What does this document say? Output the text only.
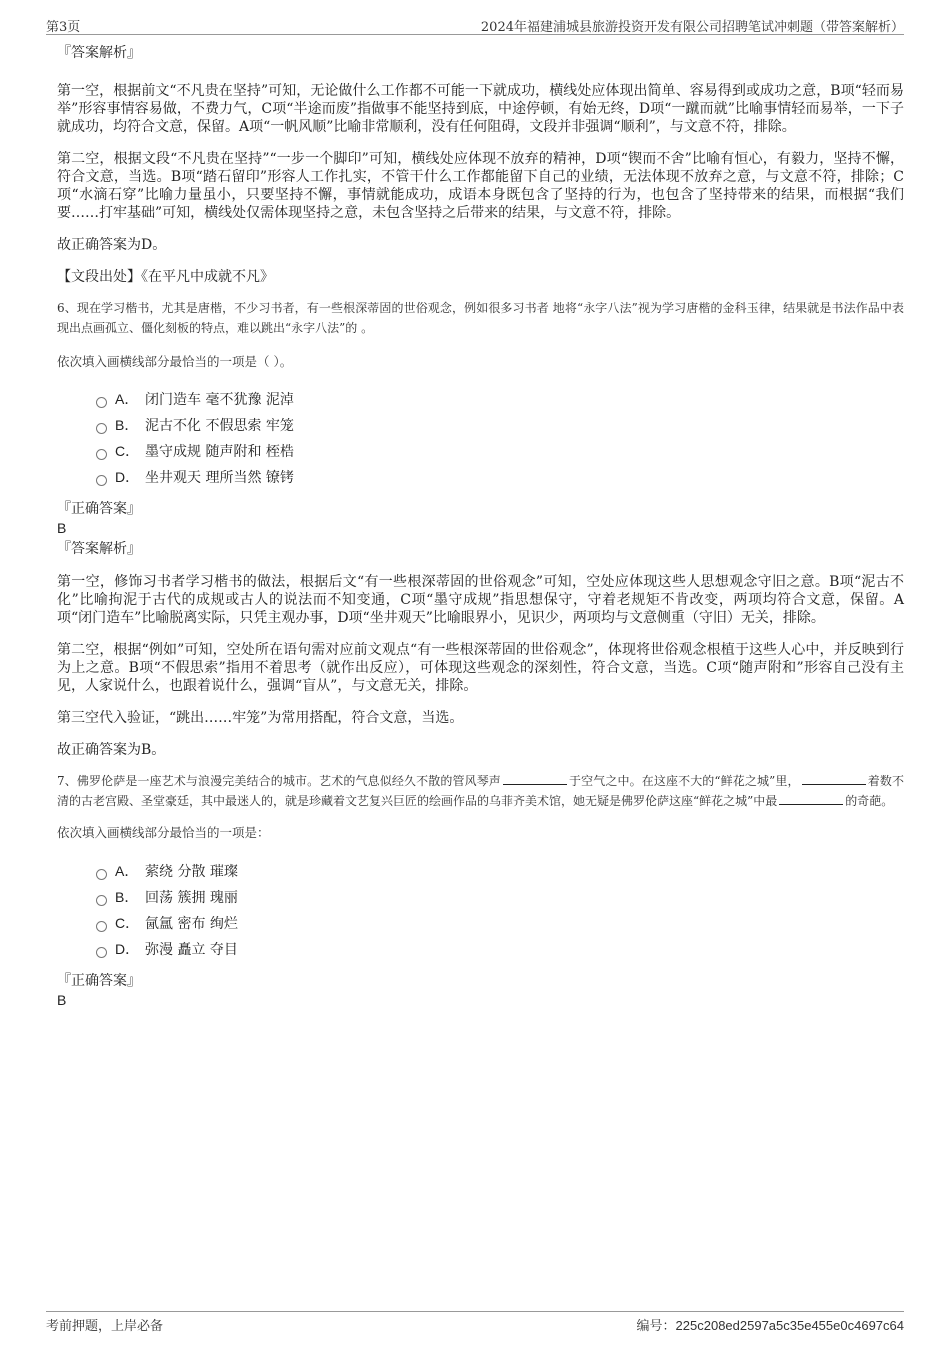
第3页	2024年福建浦城县旅游投资开发有限公司招聘笔试冲刺题（带答案解析）
『答案解析』

第一空，根据前文“不凡贵在坚持”可知，无论做什么工作都不可能一下就成功，横线处应体现出简单、容易得到或成功之意，B项“轻而易举”形容事情容易做，不费力气，C项“半途而废”指做事不能坚持到底，中途停顿，有始无终，D项“一蹴而就”比喻事情轻而易举，一下子就成功，均符合文意，保留。A项“一帆风顺”比喻非常顺利，没有任何阻碍，文段并非强调“顺利”，与文意不符，排除。

第二空，根据文段“不凡贵在坚持”“一步一个脚印”可知，横线处应体现不放弃的精神，D项“锲而不舍”比喻有恒心，有毅力，坚持不懈，符合文意，当选。B项“踏石留印”形容人工作扎实，不管干什么工作都能留下自己的业绩，无法体现不放弃之意，与文意不符，排除；C项“水滴石穿”比喻力量虽小，只要坚持不懈，事情就能成功，成语本身既包含了坚持的行为，也包含了坚持带来的结果，而根据“我们要……打牢基础”可知，横线处仅需体现坚持之意，未包含坚持之后带来的结果，与文意不符，排除。

故正确答案为D。

【文段出处】《在平凡中成就不凡》

6、现在学习楷书，尤其是唐楷，不少习书者，有一些根深蒂固的世俗观念，例如很多习书者 地将“永字八法”视为学习唐楷的金科玉律，结果就是书法作品中表现出点画孤立、僵化刻板的特点，难以跳出“永字八法”的 。

依次填入画横线部分最恰当的一项是（ ）。

A． 闭门造车 毫不犹豫 泥淖
B． 泥古不化 不假思索 牢笼
C． 墨守成规 随声附和 桎梏
D． 坐井观天 理所当然 镣铐
『正确答案』
B
『答案解析』

第一空，修饰习书者学习楷书的做法，根据后文“有一些根深蒂固的世俗观念”可知，空处应体现这些人思想观念守旧之意。B项“泥古不化”比喻拘泥于古代的成规或古人的说法而不知变通，C项“墨守成规”指思想保守，守着老规矩不肯改变，两项均符合文意，保留。A项“闭门造车”比喻脱离实际，只凭主观办事，D项“坐井观天”比喻眼界小，见识少，两项均与文意侧重（守旧）无关，排除。

第二空，根据“例如”可知，空处所在语句需对应前文观点“有一些根深蒂固的世俗观念”，体现将世俗观念根植于这些人心中，并反映到行为上之意。B项“不假思索”指用不着思考（就作出反应），可体现这些观念的深刻性，符合文意，当选。C项“随声附和”形容自己没有主见，人家说什么，也跟着说什么，强调“盲从”，与文意无关，排除。

第三空代入验证，“跳出……牢笼”为常用搭配，符合文意，当选。

故正确答案为B。

7、佛罗伦萨是一座艺术与浪漫完美结合的城市。艺术的气息似经久不散的管风琴声	于空气之中。在这座不大的“鲜花之城”里，	着数不清的古老宫殿、圣堂豪廷，其中最迷人的，就是珍藏着文艺复兴巨匠的绘画作品的乌菲齐美术馆，她无疑是佛罗伦萨这座“鲜花之城”中最	的奇葩。

依次填入画横线部分最恰当的一项是：

A． 萦绕 分散 璀璨
B． 回荡 簇拥 瑰丽
C． 氤氲 密布 绚烂
D． 弥漫 矗立 夺目
『正确答案』
B
考前押题，上岸必备	编号：225c208ed2597a5c35e455e0c4697c64
